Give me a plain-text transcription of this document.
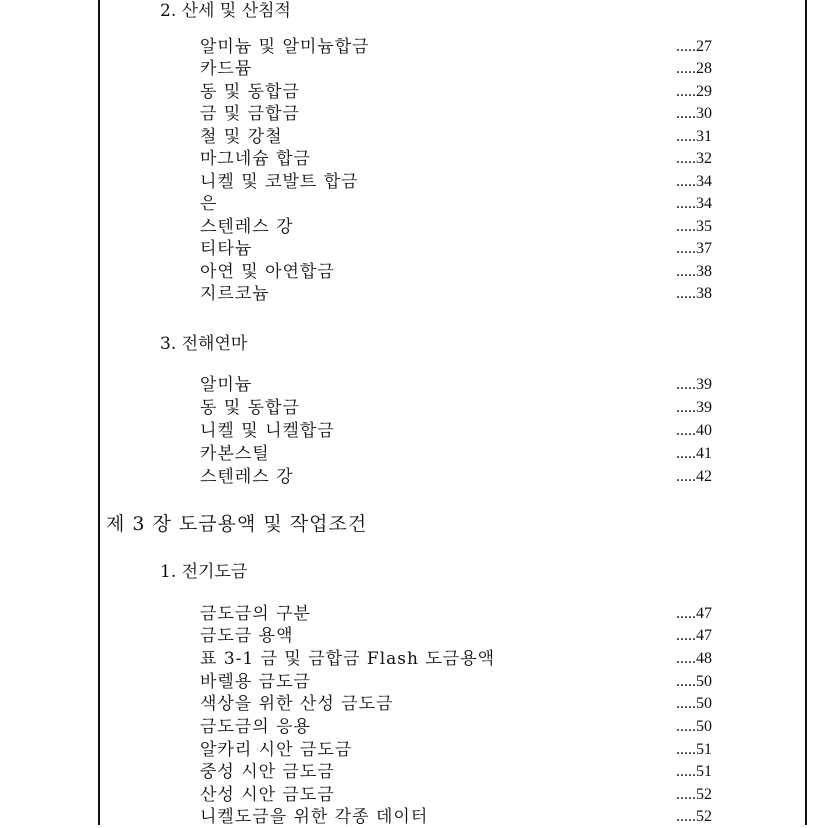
2. 산세 및 산침적
알미늄 및 알미늄합금	.....27
카드뮴	.....28
동 및 동합금	.....29
금 및 금합금	.....30
철 및 강철	.....31
마그네슘 합금	.....32
니켈 및 코발트 합금	.....34
은	.....34
스텐레스 강	.....35
티타늄	.....37
아연 및 아연합금	.....38
지르코늄	.....38
3. 전해연마
알미늄	.....39
동 및 동합금	.....39
니켈 및 니켈합금	.....40
카본스틸	.....41
스텐레스 강	.....42
제 3 장 도금용액 및 작업조건
1. 전기도금
금도금의 구분	.....47
금도금 용액	.....47
표 3-1 금 및 금합금 Flash 도금용액	.....48
바렐용 금도금	.....50
색상을 위한 산성 금도금	.....50
금도금의 응용	.....50
알카리 시안 금도금	.....51
중성 시안 금도금	.....51
산성 시안 금도금	.....52
니켈도금을 위한 각종 데이터	.....52
